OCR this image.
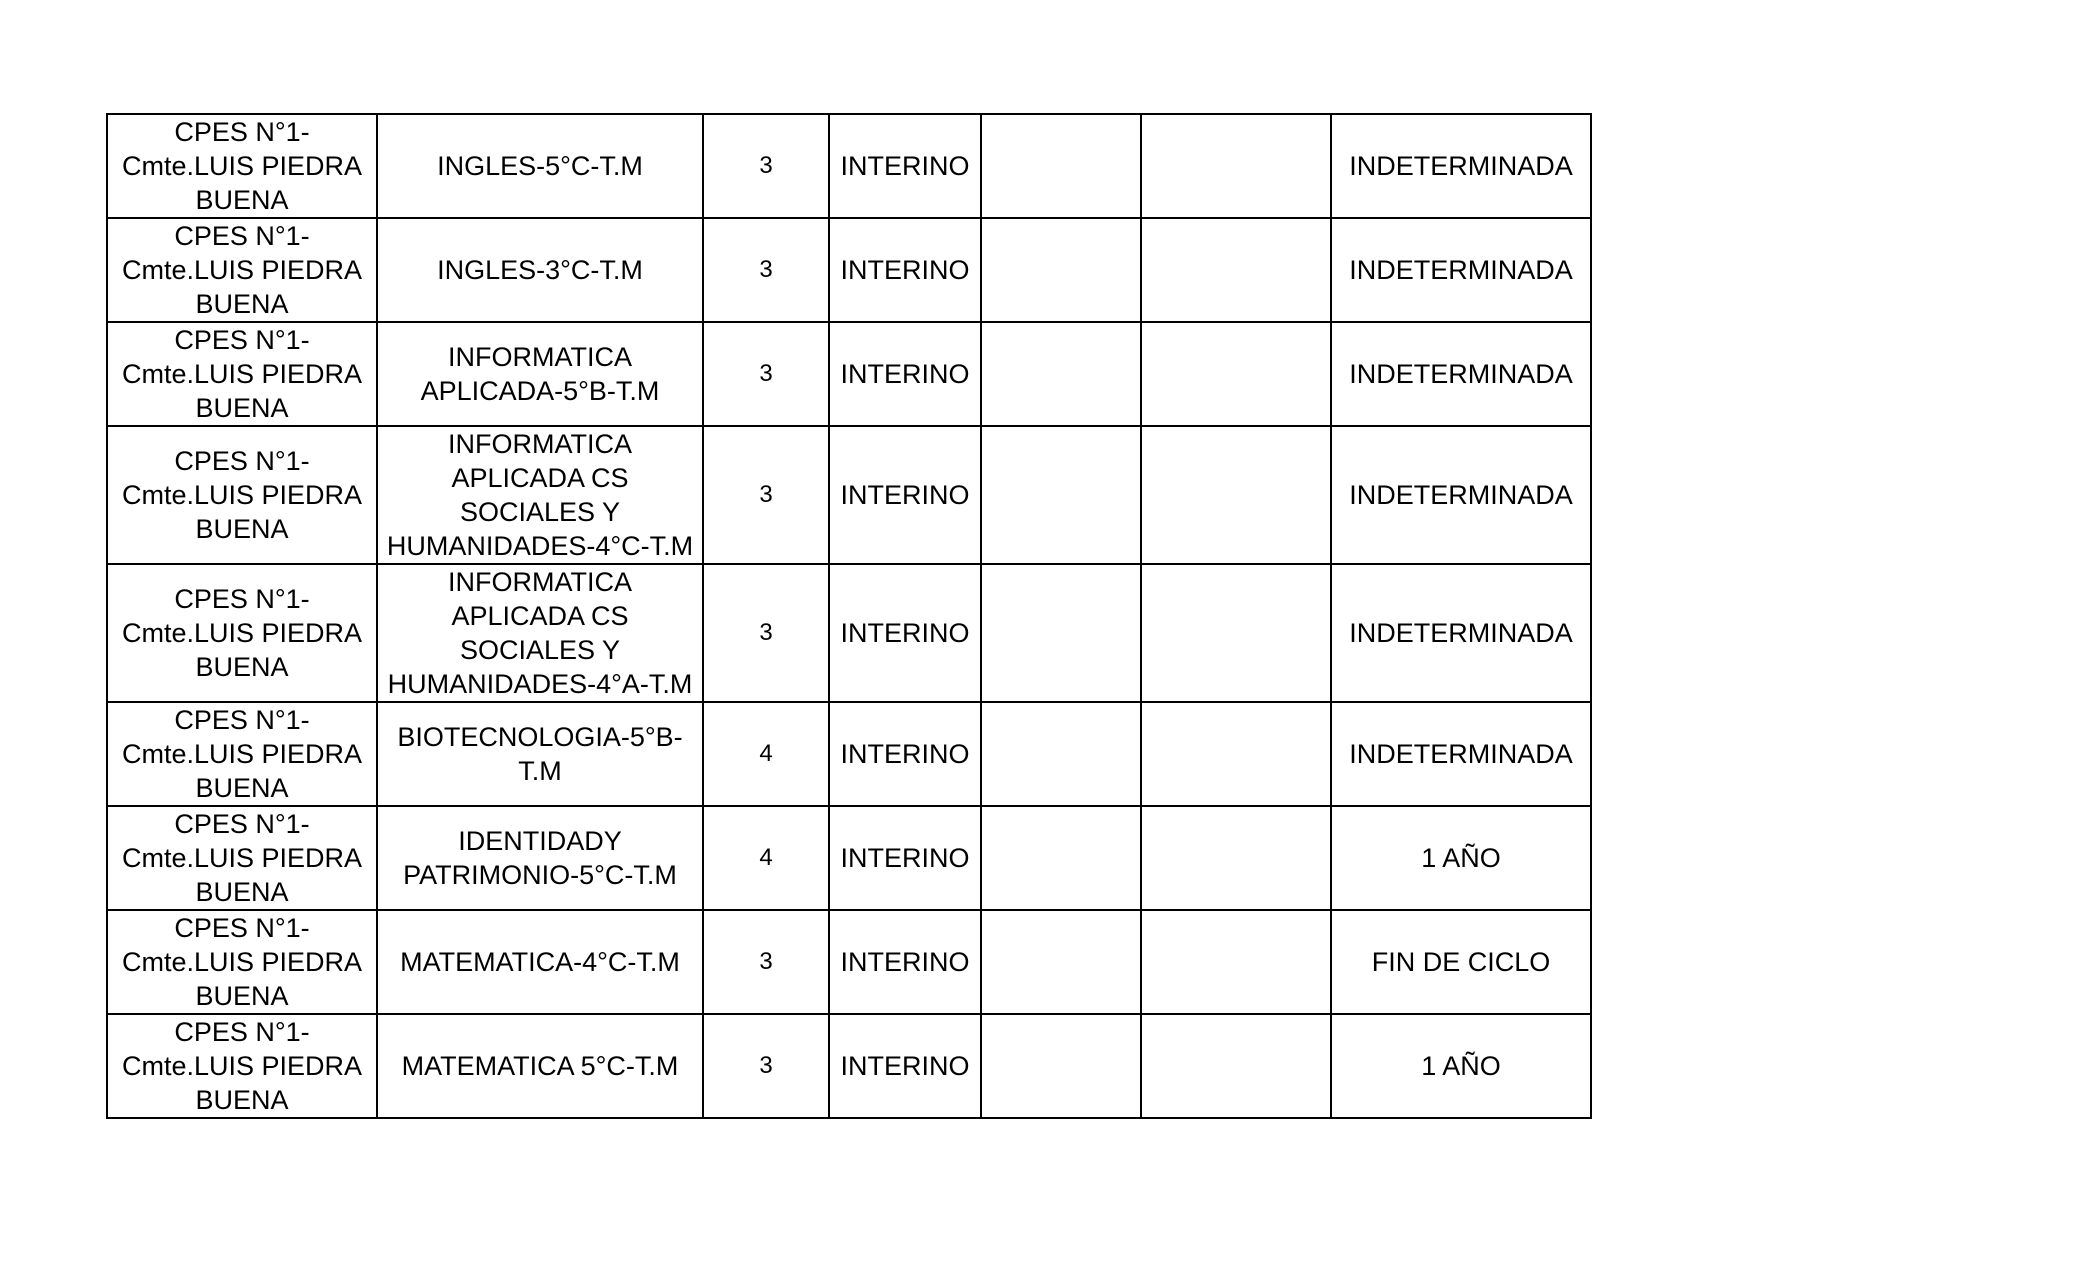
CPES N°1-Cmte.LUIS PIEDRA BUENA	INGLES-5°C-T.M	3	INTERINO			INDETERMINADA
CPES N°1-Cmte.LUIS PIEDRA BUENA	INGLES-3°C-T.M	3	INTERINO			INDETERMINADA
CPES N°1-Cmte.LUIS PIEDRA BUENA	INFORMATICA APLICADA-5°B-T.M	3	INTERINO			INDETERMINADA
CPES N°1-Cmte.LUIS PIEDRA BUENA	INFORMATICA APLICADA CS SOCIALES Y HUMANIDADES-4°C-T.M	3	INTERINO			INDETERMINADA
CPES N°1-Cmte.LUIS PIEDRA BUENA	INFORMATICA APLICADA CS SOCIALES Y HUMANIDADES-4°A-T.M	3	INTERINO			INDETERMINADA
CPES N°1-Cmte.LUIS PIEDRA BUENA	BIOTECNOLOGIA-5°B-T.M	4	INTERINO			INDETERMINADA
CPES N°1-Cmte.LUIS PIEDRA BUENA	IDENTIDADY PATRIMONIO-5°C-T.M	4	INTERINO			1 AÑO
CPES N°1-Cmte.LUIS PIEDRA BUENA	MATEMATICA-4°C-T.M	3	INTERINO			FIN DE CICLO
CPES N°1-Cmte.LUIS PIEDRA BUENA	MATEMATICA 5°C-T.M	3	INTERINO			1 AÑO
